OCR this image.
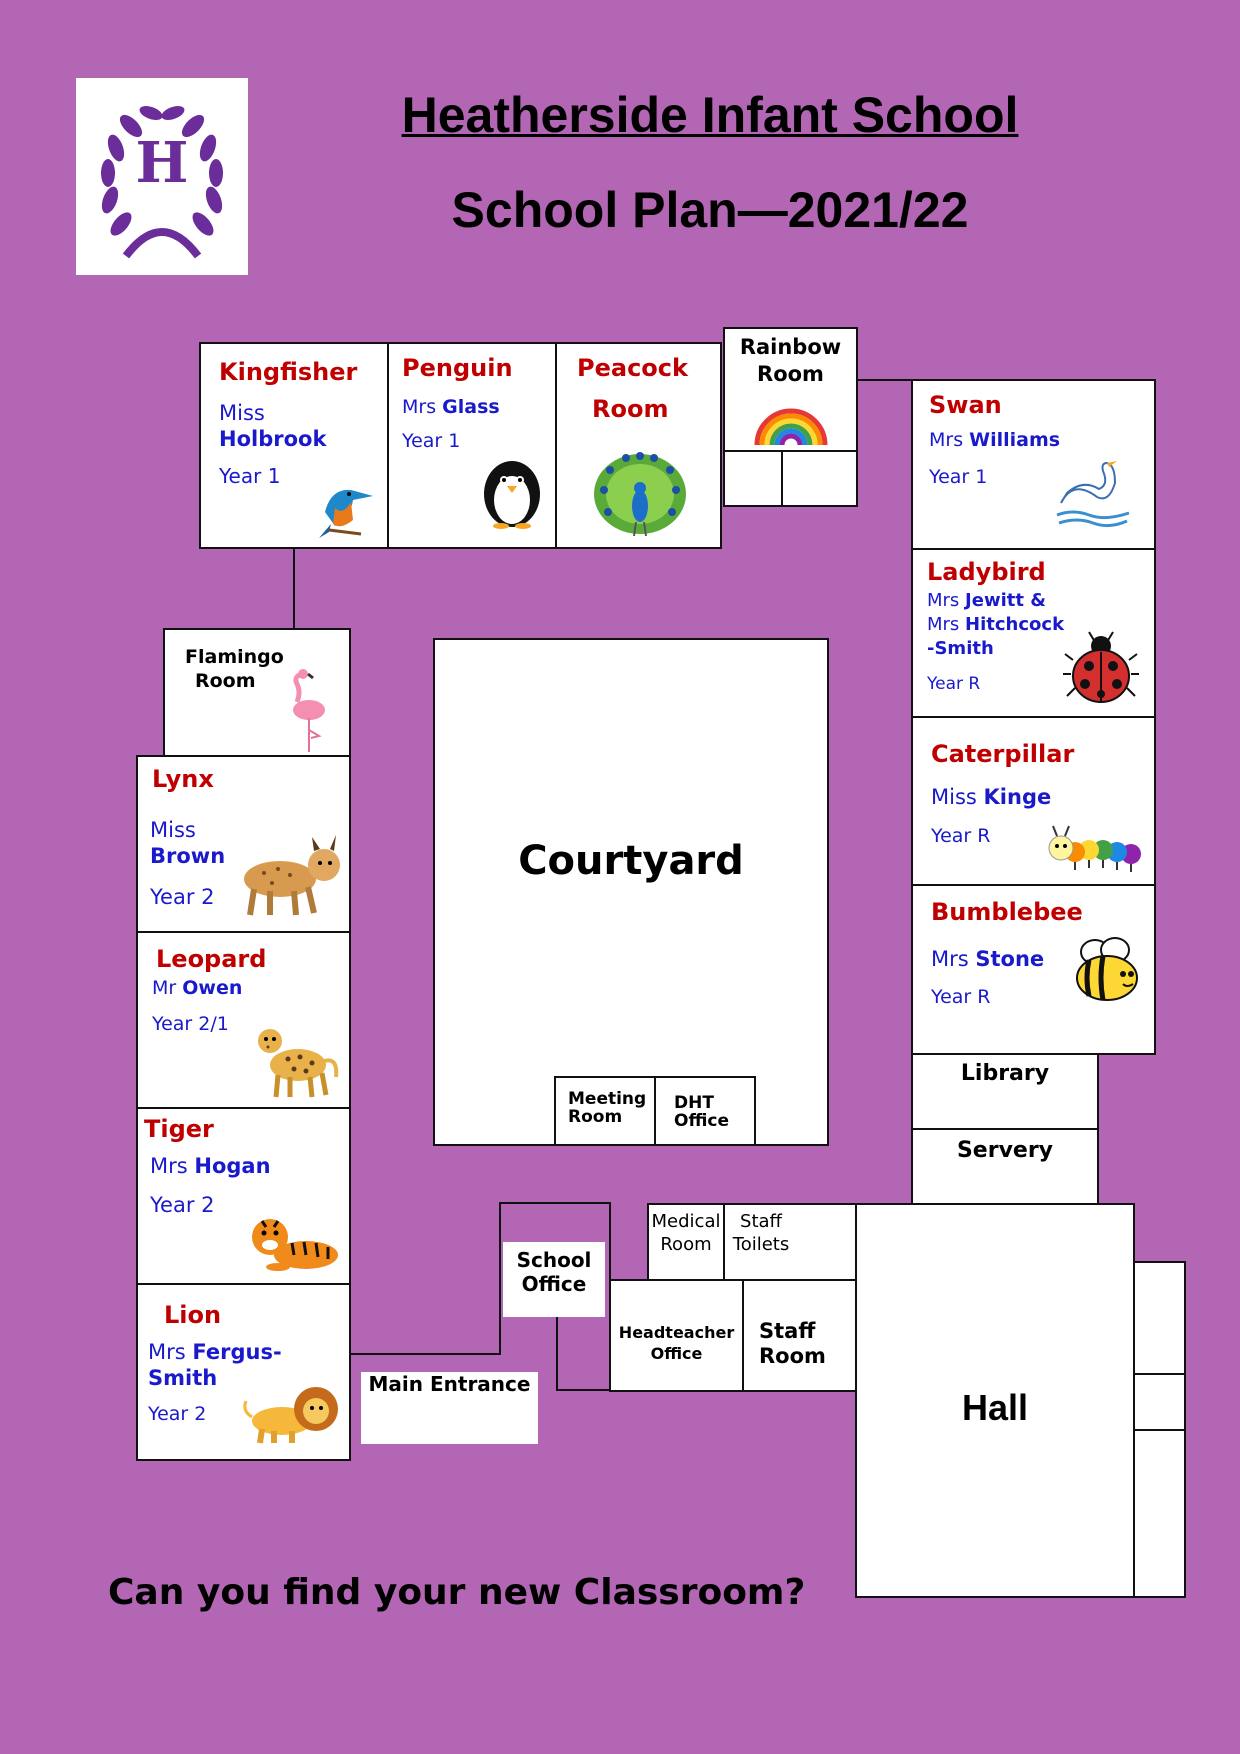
H
Heatherside Infant School
School Plan—2021/22
Kingfisher
Miss
Holbrook
Year 1
Penguin
Mrs Glass
Year 1
Peacock
Room
Rainbow
Room
Swan
Mrs Williams
Year 1
Ladybird
Mrs Jewitt &
Mrs Hitchcock
-Smith
Year R
Caterpillar
Miss Kinge
Year R
Bumblebee
Mrs Stone
Year R
Library
Servery
Flamingo
Room
Lynx
Miss
Brown
Year 2
Leopard
Mr Owen
Year 2/1
Tiger
Mrs Hogan
Year 2
Lion
Mrs Fergus-
Smith
Year 2
Courtyard
Meeting
Room
DHT
Office
School
Office
Medical
Room
Staff
Toilets
Headteacher
Office
Staff
Room
Hall
Main Entrance
Can you find your new Classroom?
